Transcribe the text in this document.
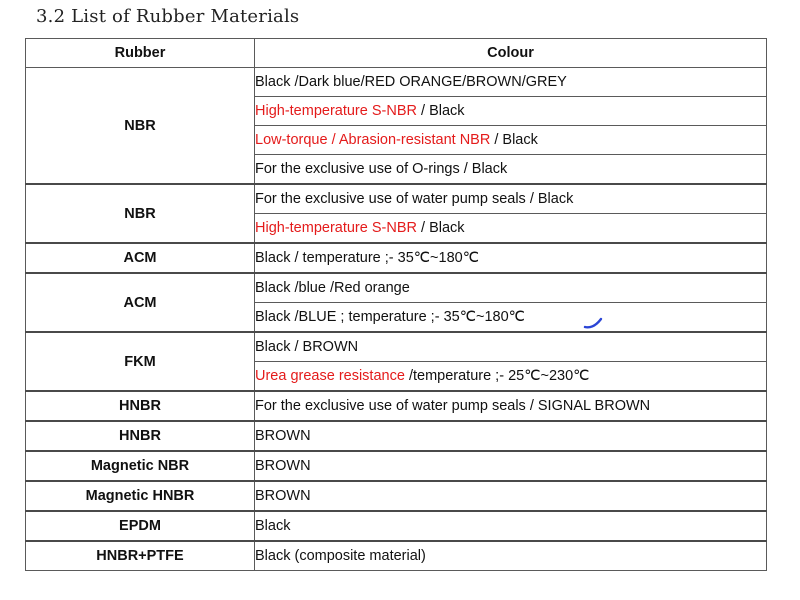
3.2 List of Rubber Materials
Rubber	Colour
NBR	Black /Dark blue/RED ORANGE/BROWN/GREY
	High-temperature S-NBR / Black
	Low-torque / Abrasion-resistant NBR / Black
	For the exclusive use of O-rings / Black
NBR	For the exclusive use of water pump seals / Black
	High-temperature S-NBR / Black
ACM	Black / temperature ;- 35℃~180℃
ACM	Black /blue /Red orange
	Black /BLUE ; temperature ;- 35℃~180℃
FKM	Black / BROWN
	Urea grease resistance /temperature ;- 25℃~230℃
HNBR	For the exclusive use of water pump seals / SIGNAL BROWN
HNBR	BROWN
Magnetic NBR	BROWN
Magnetic HNBR	BROWN
EPDM	Black
HNBR+PTFE	Black (composite material)
